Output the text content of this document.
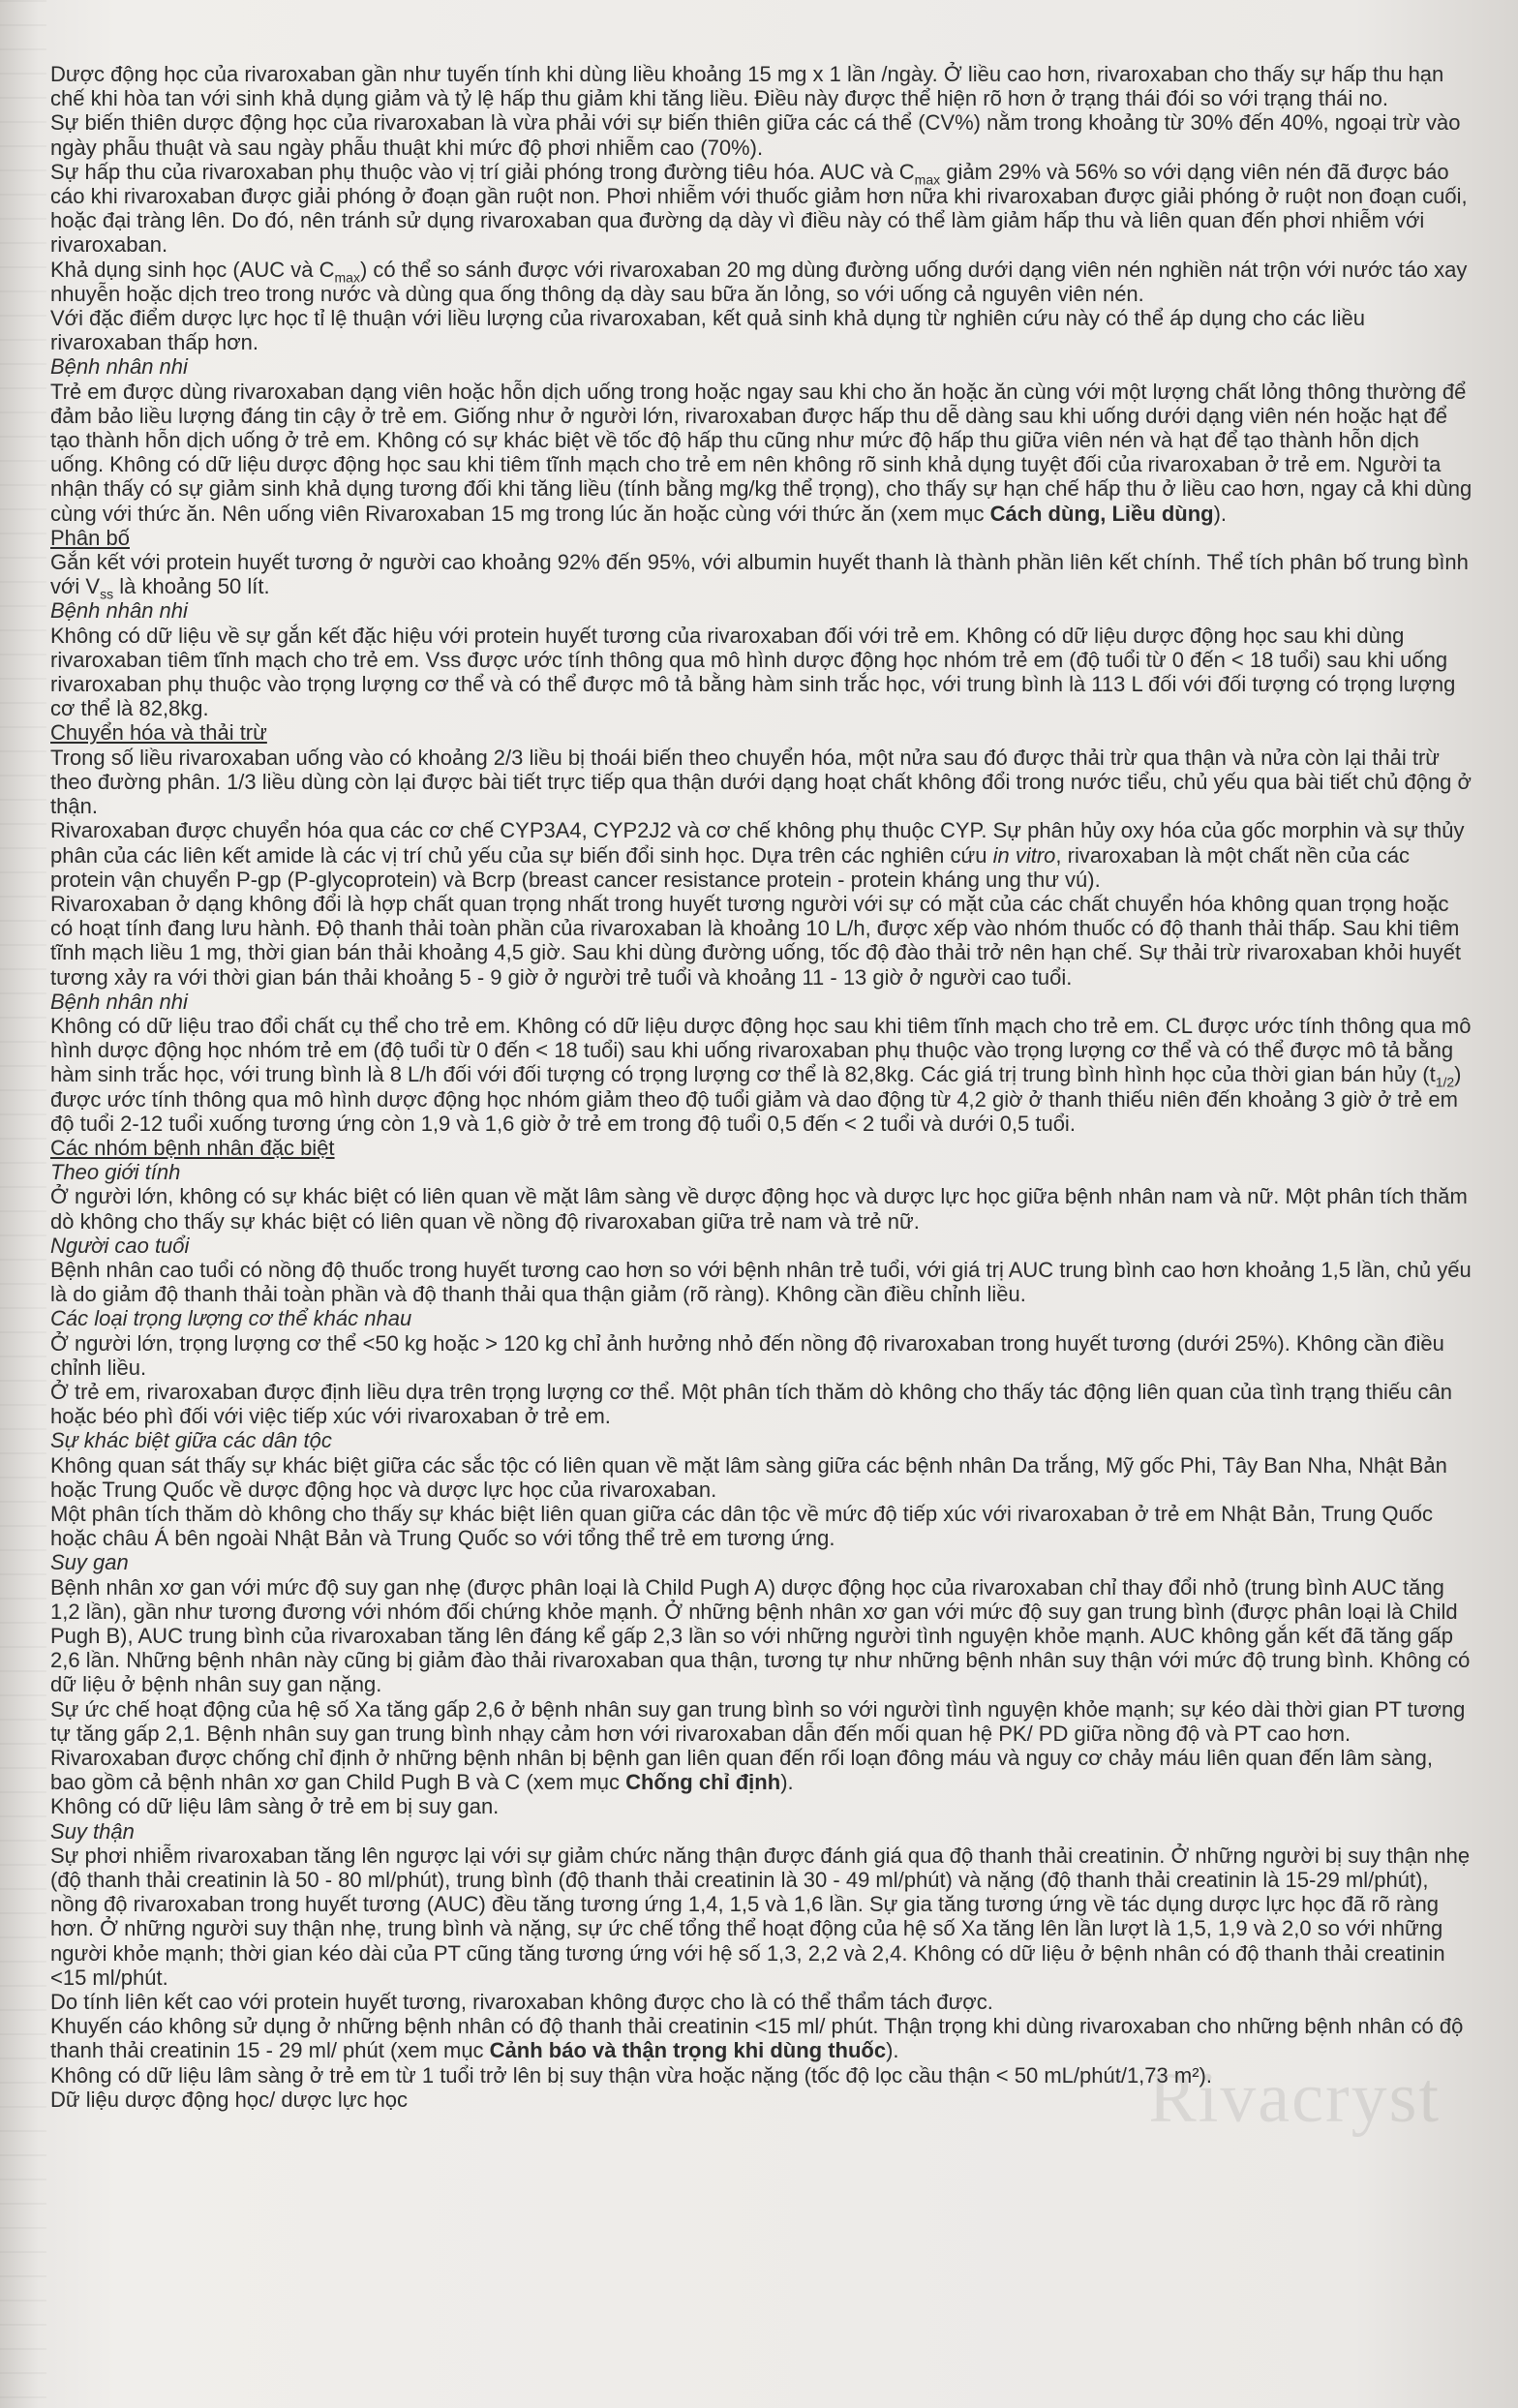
Rivacryst

Dược động học của rivaroxaban gần như tuyến tính khi dùng liều khoảng 15 mg x 1 lần /ngày. Ở liều cao hơn, rivaroxaban cho thấy sự hấp thu hạn chế khi hòa tan với sinh khả dụng giảm và tỷ lệ hấp thu giảm khi tăng liều. Điều này được thể hiện rõ hơn ở trạng thái đói so với trạng thái no.

Sự biến thiên dược động học của rivaroxaban là vừa phải với sự biến thiên giữa các cá thể (CV%) nằm trong khoảng từ 30% đến 40%, ngoại trừ vào ngày phẫu thuật và sau ngày phẫu thuật khi mức độ phơi nhiễm cao (70%).

Sự hấp thu của rivaroxaban phụ thuộc vào vị trí giải phóng trong đường tiêu hóa. AUC và $C_{max}$ giảm 29% và 56% so với dạng viên nén đã được báo cáo khi rivaroxaban được giải phóng ở đoạn gần ruột non. Phơi nhiễm với thuốc giảm hơn nữa khi rivaroxaban được giải phóng ở ruột non đoạn cuối, hoặc đại tràng lên. Do đó, nên tránh sử dụng rivaroxaban qua đường dạ dày vì điều này có thể làm giảm hấp thu và liên quan đến phơi nhiễm với rivaroxaban.

Khả dụng sinh học (AUC và $C_{max}$) có thể so sánh được với rivaroxaban 20 mg dùng đường uống dưới dạng viên nén nghiền nát trộn với nước táo xay nhuyễn hoặc dịch treo trong nước và dùng qua ống thông dạ dày sau bữa ăn lỏng, so với uống cả nguyên viên nén.

Với đặc điểm dược lực học tỉ lệ thuận với liều lượng của rivaroxaban, kết quả sinh khả dụng từ nghiên cứu này có thể áp dụng cho các liều rivaroxaban thấp hơn.

Bệnh nhân nhi

Trẻ em được dùng rivaroxaban dạng viên hoặc hỗn dịch uống trong hoặc ngay sau khi cho ăn hoặc ăn cùng với một lượng chất lỏng thông thường để đảm bảo liều lượng đáng tin cậy ở trẻ em. Giống như ở người lớn, rivaroxaban được hấp thu dễ dàng sau khi uống dưới dạng viên nén hoặc hạt để tạo thành hỗn dịch uống ở trẻ em. Không có sự khác biệt về tốc độ hấp thu cũng như mức độ hấp thu giữa viên nén và hạt để tạo thành hỗn dịch uống. Không có dữ liệu dược động học sau khi tiêm tĩnh mạch cho trẻ em nên không rõ sinh khả dụng tuyệt đối của rivaroxaban ở trẻ em. Người ta nhận thấy có sự giảm sinh khả dụng tương đối khi tăng liều (tính bằng mg/kg thể trọng), cho thấy sự hạn chế hấp thu ở liều cao hơn, ngay cả khi dùng cùng với thức ăn. Nên uống viên Rivaroxaban 15 mg trong lúc ăn hoặc cùng với thức ăn (xem mục Cách dùng, Liều dùng).

Phân bố

Gắn kết với protein huyết tương ở người cao khoảng 92% đến 95%, với albumin huyết thanh là thành phần liên kết chính. Thể tích phân bố trung bình với $V_{ss}$ là khoảng 50 lít.

Bệnh nhân nhi

Không có dữ liệu về sự gắn kết đặc hiệu với protein huyết tương của rivaroxaban đối với trẻ em. Không có dữ liệu dược động học sau khi dùng rivaroxaban tiêm tĩnh mạch cho trẻ em. Vss được ước tính thông qua mô hình dược động học nhóm trẻ em (độ tuổi từ 0 đến < 18 tuổi) sau khi uống rivaroxaban phụ thuộc vào trọng lượng cơ thể và có thể được mô tả bằng hàm sinh trắc học, với trung bình là 113 L đối với đối tượng có trọng lượng cơ thể là 82,8kg.

Chuyển hóa và thải trừ

Trong số liều rivaroxaban uống vào có khoảng 2/3 liều bị thoái biến theo chuyển hóa, một nửa sau đó được thải trừ qua thận và nửa còn lại thải trừ theo đường phân. 1/3 liều dùng còn lại được bài tiết trực tiếp qua thận dưới dạng hoạt chất không đổi trong nước tiểu, chủ yếu qua bài tiết chủ động ở thận.

Rivaroxaban được chuyển hóa qua các cơ chế CYP3A4, CYP2J2 và cơ chế không phụ thuộc CYP. Sự phân hủy oxy hóa của gốc morphin và sự thủy phân của các liên kết amide là các vị trí chủ yếu của sự biến đổi sinh học. Dựa trên các nghiên cứu in vitro, rivaroxaban là một chất nền của các protein vận chuyển P-gp (P-glycoprotein) và Bcrp (breast cancer resistance protein - protein kháng ung thư vú).

Rivaroxaban ở dạng không đổi là hợp chất quan trọng nhất trong huyết tương người với sự có mặt của các chất chuyển hóa không quan trọng hoặc có hoạt tính đang lưu hành. Độ thanh thải toàn phần của rivaroxaban là khoảng 10 L/h, được xếp vào nhóm thuốc có độ thanh thải thấp. Sau khi tiêm tĩnh mạch liều 1 mg, thời gian bán thải khoảng 4,5 giờ. Sau khi dùng đường uống, tốc độ đào thải trở nên hạn chế. Sự thải trừ rivaroxaban khỏi huyết tương xảy ra với thời gian bán thải khoảng 5 - 9 giờ ở người trẻ tuổi và khoảng 11 - 13 giờ ở người cao tuổi.

Bệnh nhân nhi

Không có dữ liệu trao đổi chất cụ thể cho trẻ em. Không có dữ liệu dược động học sau khi tiêm tĩnh mạch cho trẻ em. CL được ước tính thông qua mô hình dược động học nhóm trẻ em (độ tuổi từ 0 đến < 18 tuổi) sau khi uống rivaroxaban phụ thuộc vào trọng lượng cơ thể và có thể được mô tả bằng hàm sinh trắc học, với trung bình là 8 L/h đối với đối tượng có trọng lượng cơ thể là 82,8kg. Các giá trị trung bình hình học của thời gian bán hủy $(t_{1/2})$ được ước tính thông qua mô hình dược động học nhóm giảm theo độ tuổi giảm và dao động từ 4,2 giờ ở thanh thiếu niên đến khoảng 3 giờ ở trẻ em độ tuổi 2-12 tuổi xuống tương ứng còn 1,9 và 1,6 giờ ở trẻ em trong độ tuổi 0,5 đến < 2 tuổi và dưới 0,5 tuổi.

Các nhóm bệnh nhân đặc biệt

Theo giới tính

Ở người lớn, không có sự khác biệt có liên quan về mặt lâm sàng về dược động học và dược lực học giữa bệnh nhân nam và nữ. Một phân tích thăm dò không cho thấy sự khác biệt có liên quan về nồng độ rivaroxaban giữa trẻ nam và trẻ nữ.

Người cao tuổi

Bệnh nhân cao tuổi có nồng độ thuốc trong huyết tương cao hơn so với bệnh nhân trẻ tuổi, với giá trị AUC trung bình cao hơn khoảng 1,5 lần, chủ yếu là do giảm độ thanh thải toàn phần và độ thanh thải qua thận giảm (rõ ràng). Không cần điều chỉnh liều.

Các loại trọng lượng cơ thể khác nhau

Ở người lớn, trọng lượng cơ thể <50 kg hoặc > 120 kg chỉ ảnh hưởng nhỏ đến nồng độ rivaroxaban trong huyết tương (dưới 25%). Không cần điều chỉnh liều.

Ở trẻ em, rivaroxaban được định liều dựa trên trọng lượng cơ thể. Một phân tích thăm dò không cho thấy tác động liên quan của tình trạng thiếu cân hoặc béo phì đối với việc tiếp xúc với rivaroxaban ở trẻ em.

Sự khác biệt giữa các dân tộc

Không quan sát thấy sự khác biệt giữa các sắc tộc có liên quan về mặt lâm sàng giữa các bệnh nhân Da trắng, Mỹ gốc Phi, Tây Ban Nha, Nhật Bản hoặc Trung Quốc về dược động học và dược lực học của rivaroxaban.

Một phân tích thăm dò không cho thấy sự khác biệt liên quan giữa các dân tộc về mức độ tiếp xúc với rivaroxaban ở trẻ em Nhật Bản, Trung Quốc hoặc châu Á bên ngoài Nhật Bản và Trung Quốc so với tổng thể trẻ em tương ứng.

Suy gan

Bệnh nhân xơ gan với mức độ suy gan nhẹ (được phân loại là Child Pugh A) dược động học của rivaroxaban chỉ thay đổi nhỏ (trung bình AUC tăng 1,2 lần), gần như tương đương với nhóm đối chứng khỏe mạnh. Ở những bệnh nhân xơ gan với mức độ suy gan trung bình (được phân loại là Child Pugh B), AUC trung bình của rivaroxaban tăng lên đáng kể gấp 2,3 lần so với những người tình nguyện khỏe mạnh. AUC không gắn kết đã tăng gấp 2,6 lần. Những bệnh nhân này cũng bị giảm đào thải rivaroxaban qua thận, tương tự như những bệnh nhân suy thận với mức độ trung bình. Không có dữ liệu ở bệnh nhân suy gan nặng.

Sự ức chế hoạt động của hệ số Xa tăng gấp 2,6 ở bệnh nhân suy gan trung bình so với người tình nguyện khỏe mạnh; sự kéo dài thời gian PT tương tự tăng gấp 2,1. Bệnh nhân suy gan trung bình nhạy cảm hơn với rivaroxaban dẫn đến mối quan hệ PK/ PD giữa nồng độ và PT cao hơn.

Rivaroxaban được chống chỉ định ở những bệnh nhân bị bệnh gan liên quan đến rối loạn đông máu và nguy cơ chảy máu liên quan đến lâm sàng, bao gồm cả bệnh nhân xơ gan Child Pugh B và C (xem mục Chống chỉ định).

Không có dữ liệu lâm sàng ở trẻ em bị suy gan.

Suy thận

Sự phơi nhiễm rivaroxaban tăng lên ngược lại với sự giảm chức năng thận được đánh giá qua độ thanh thải creatinin. Ở những người bị suy thận nhẹ (độ thanh thải creatinin là 50 - 80 ml/phút), trung bình (độ thanh thải creatinin là 30 - 49 ml/phút) và nặng (độ thanh thải creatinin là 15-29 ml/phút), nồng độ rivaroxaban trong huyết tương (AUC) đều tăng tương ứng 1,4, 1,5 và 1,6 lần. Sự gia tăng tương ứng về tác dụng dược lực học đã rõ ràng hơn. Ở những người suy thận nhẹ, trung bình và nặng, sự ức chế tổng thể hoạt động của hệ số Xa tăng lên lần lượt là 1,5, 1,9 và 2,0 so với những người khỏe mạnh; thời gian kéo dài của PT cũng tăng tương ứng với hệ số 1,3, 2,2 và 2,4. Không có dữ liệu ở bệnh nhân có độ thanh thải creatinin <15 ml/phút.

Do tính liên kết cao với protein huyết tương, rivaroxaban không được cho là có thể thẩm tách được.

Khuyến cáo không sử dụng ở những bệnh nhân có độ thanh thải creatinin <15 ml/ phút. Thận trọng khi dùng rivaroxaban cho những bệnh nhân có độ thanh thải creatinin 15 - 29 ml/ phút (xem mục Cảnh báo và thận trọng khi dùng thuốc).

Không có dữ liệu lâm sàng ở trẻ em từ 1 tuổi trở lên bị suy thận vừa hoặc nặng (tốc độ lọc cầu thận < 50 mL/phút/1,73 m²).

Dữ liệu dược động học/ dược lực học
